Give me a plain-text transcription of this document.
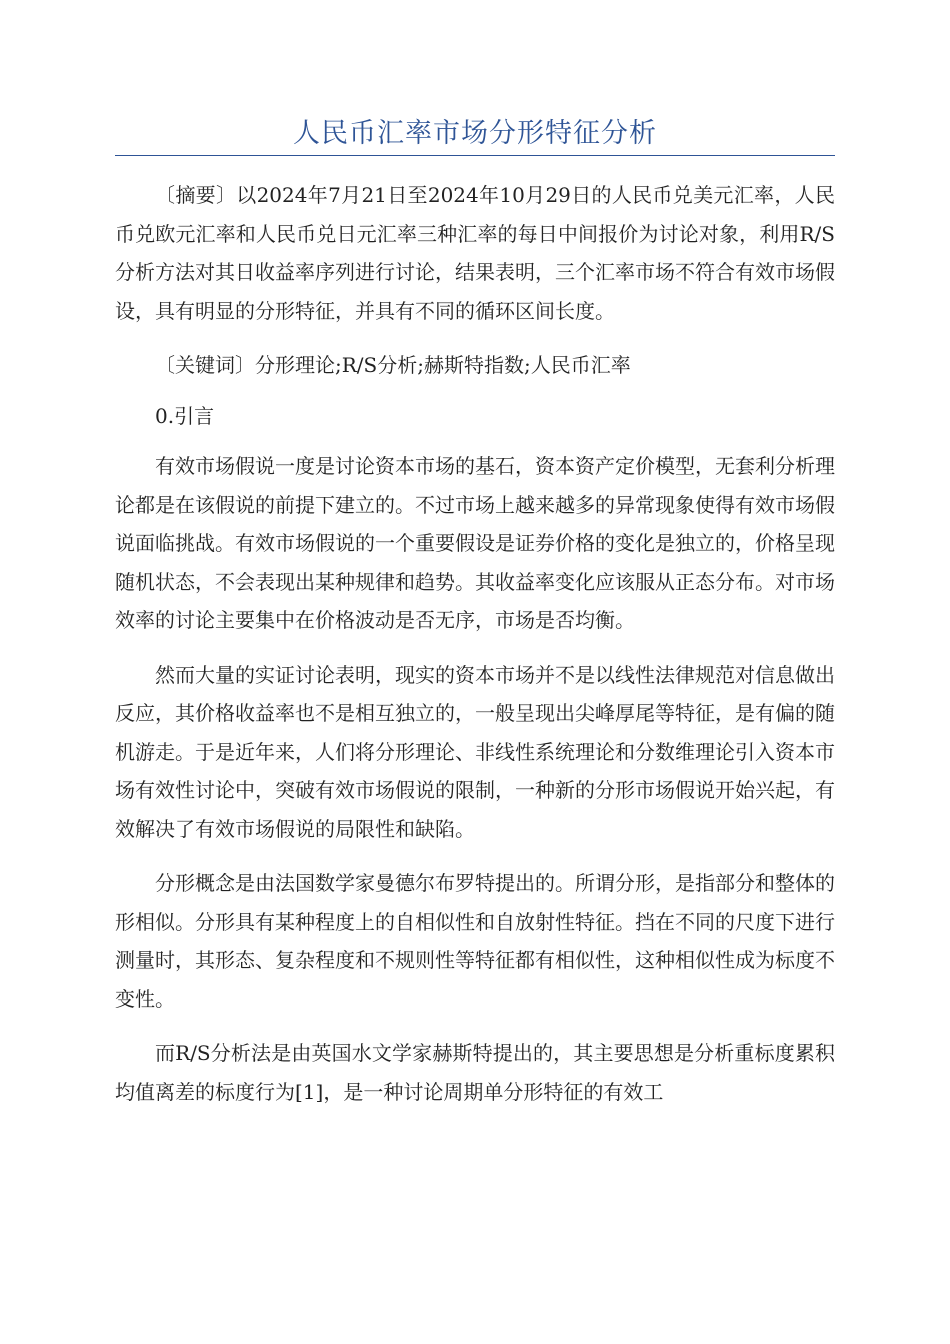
人民币汇率市场分形特征分析

〔摘要〕以2024年7月21日至2024年10月29日的人民币兑美元汇率，人民币兑欧元汇率和人民币兑日元汇率三种汇率的每日中间报价为讨论对象，利用R/S分析方法对其日收益率序列进行讨论，结果表明，三个汇率市场不符合有效市场假设，具有明显的分形特征，并具有不同的循环区间长度。

〔关键词〕分形理论;R/S分析;赫斯特指数;人民币汇率

0.引言

有效市场假说一度是讨论资本市场的基石，资本资产定价模型，无套利分析理论都是在该假说的前提下建立的。不过市场上越来越多的异常现象使得有效市场假说面临挑战。有效市场假说的一个重要假设是证券价格的变化是独立的，价格呈现随机状态，不会表现出某种规律和趋势。其收益率变化应该服从正态分布。对市场效率的讨论主要集中在价格波动是否无序，市场是否均衡。

然而大量的实证讨论表明，现实的资本市场并不是以线性法律规范对信息做出反应，其价格收益率也不是相互独立的，一般呈现出尖峰厚尾等特征，是有偏的随机游走。于是近年来，人们将分形理论、非线性系统理论和分数维理论引入资本市场有效性讨论中，突破有效市场假说的限制，一种新的分形市场假说开始兴起，有效解决了有效市场假说的局限性和缺陷。

分形概念是由法国数学家曼德尔布罗特提出的。所谓分形，是指部分和整体的形相似。分形具有某种程度上的自相似性和自放射性特征。挡在不同的尺度下进行测量时，其形态、复杂程度和不规则性等特征都有相似性，这种相似性成为标度不变性。

而R/S分析法是由英国水文学家赫斯特提出的，其主要思想是分析重标度累积均值离差的标度行为[1]，是一种讨论周期单分形特征的有效工
